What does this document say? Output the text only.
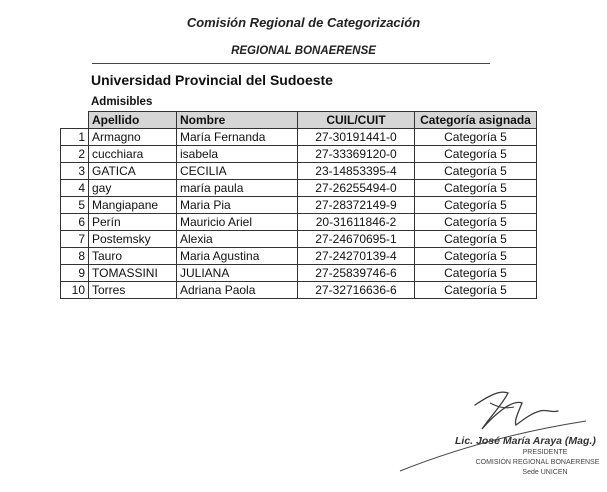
Comisión Regional de Categorización
REGIONAL BONAERENSE
Universidad Provincial del Sudoeste
Admisibles
	Apellido	Nombre	CUIL/CUIT	Categoría asignada
1	Armagno	María Fernanda	27-30191441-0	Categoría 5
2	cucchiara	isabela	27-33369120-0	Categoría 5
3	GATICA	CECILIA	23-14853395-4	Categoría 5
4	gay	maría paula	27-26255494-0	Categoría 5
5	Mangiapane	Maria Pia	27-28372149-9	Categoría 5
6	Perín	Mauricio Ariel	20-31611846-2	Categoría 5
7	Postemsky	Alexia	27-24670695-1	Categoría 5
8	Tauro	Maria Agustina	27-24270139-4	Categoría 5
9	TOMASSINI	JULIANA	27-25839746-6	Categoría 5
10	Torres	Adriana Paola	27-32716636-6	Categoría 5
Lic. José María Araya (Mag.)
PRESIDENTE
COMISIÓN REGIONAL BONAERENSE
Sede UNICEN
